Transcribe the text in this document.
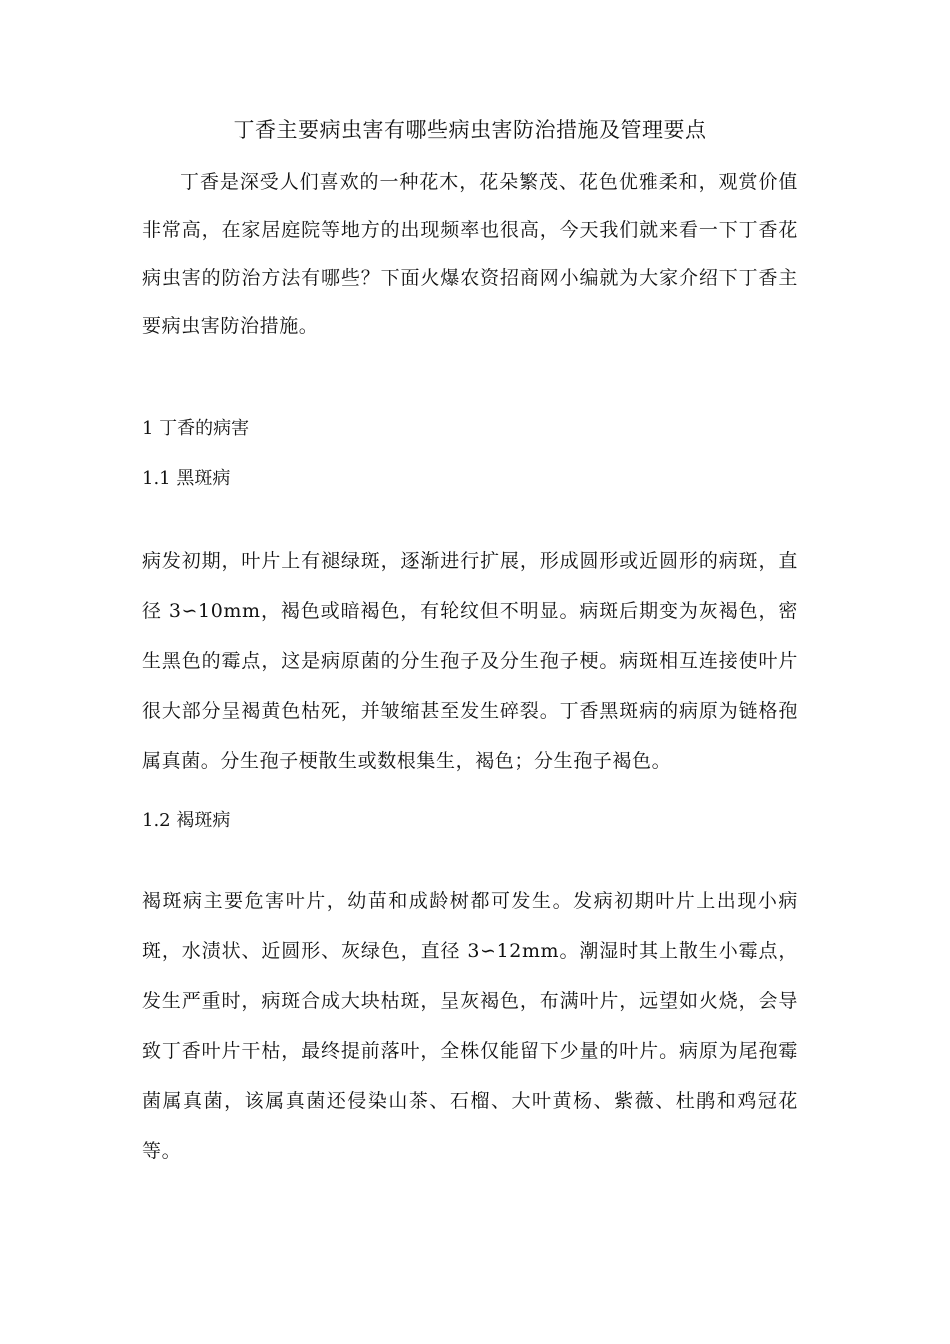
丁香主要病虫害有哪些病虫害防治措施及管理要点

丁香是深受人们喜欢的一种花木，花朵繁茂、花色优雅柔和，观赏价值非常高，在家居庭院等地方的出现频率也很高，今天我们就来看一下丁香花病虫害的防治方法有哪些？下面火爆农资招商网小编就为大家介绍下丁香主要病虫害防治措施。

1 丁香的病害
1.1 黑斑病

病发初期，叶片上有褪绿斑，逐渐进行扩展，形成圆形或近圆形的病斑，直径 3∽10mm，褐色或暗褐色，有轮纹但不明显。病斑后期变为灰褐色，密生黑色的霉点，这是病原菌的分生孢子及分生孢子梗。病斑相互连接使叶片很大部分呈褐黄色枯死，并皱缩甚至发生碎裂。丁香黑斑病的病原为链格孢属真菌。分生孢子梗散生或数根集生，褐色；分生孢子褐色。

1.2 褐斑病

褐斑病主要危害叶片，幼苗和成龄树都可发生。发病初期叶片上出现小病斑，水渍状、近圆形、灰绿色，直径 3∽12mm。潮湿时其上散生小霉点，发生严重时，病斑合成大块枯斑，呈灰褐色，布满叶片，远望如火烧，会导致丁香叶片干枯，最终提前落叶，全株仅能留下少量的叶片。病原为尾孢霉菌属真菌，该属真菌还侵染山茶、石榴、大叶黄杨、紫薇、杜鹃和鸡冠花等。
